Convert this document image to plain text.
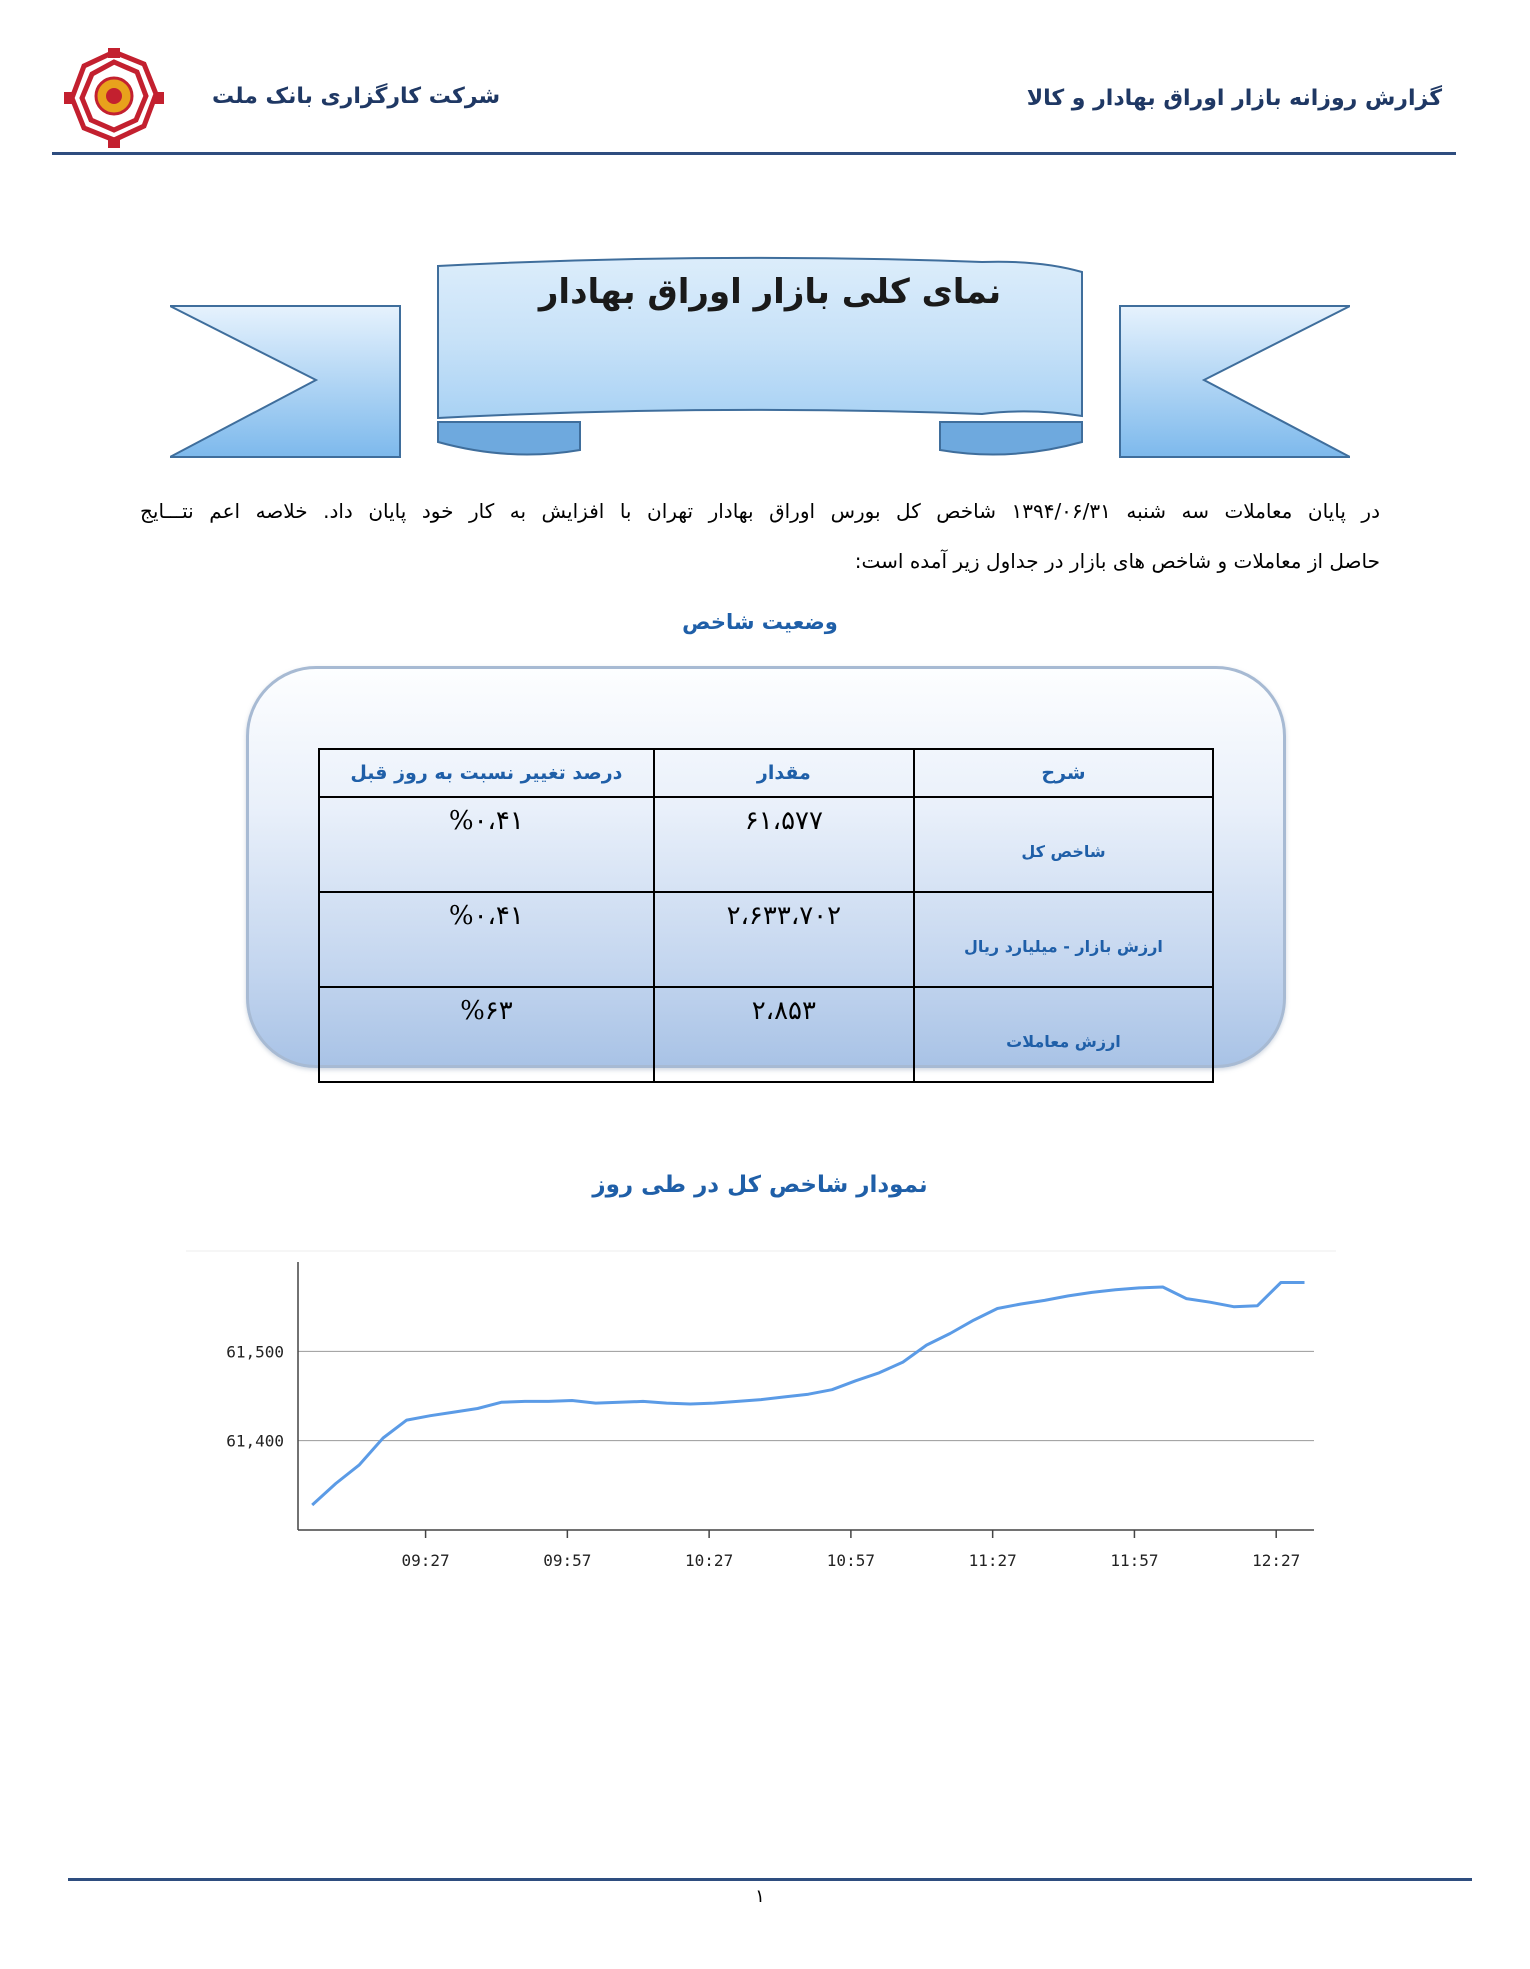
شرکت کارگزاری بانک ملت	گزارش روزانه بازار اوراق بهادار و کالا
نمای کلی بازار اوراق بهادار
در پایان معاملات سه شنبه ۱۳۹۴/۰۶/۳۱ شاخص کل بورس اوراق بهادار تهران با افزایش به کار خود پایان داد. خلاصه اعم نتـــایج
حاصل از معاملات و شاخص های بازار در جداول زیر آمده است:
وضعیت شاخص
شرح	مقدار	درصد تغییر نسبت به روز قبل
شاخص کل	۶۱،۵۷۷	%۰،۴۱
ارزش بازار - میلیارد ریال	۲،۶۳۳،۷۰۲	%۰،۴۱
ارزش معاملات	۲،۸۵۳	%۶۳
نمودار شاخص کل در طی روز
61,400
61,500
09:27	09:57	10:27	10:57	11:27	11:57	12:27
۱
